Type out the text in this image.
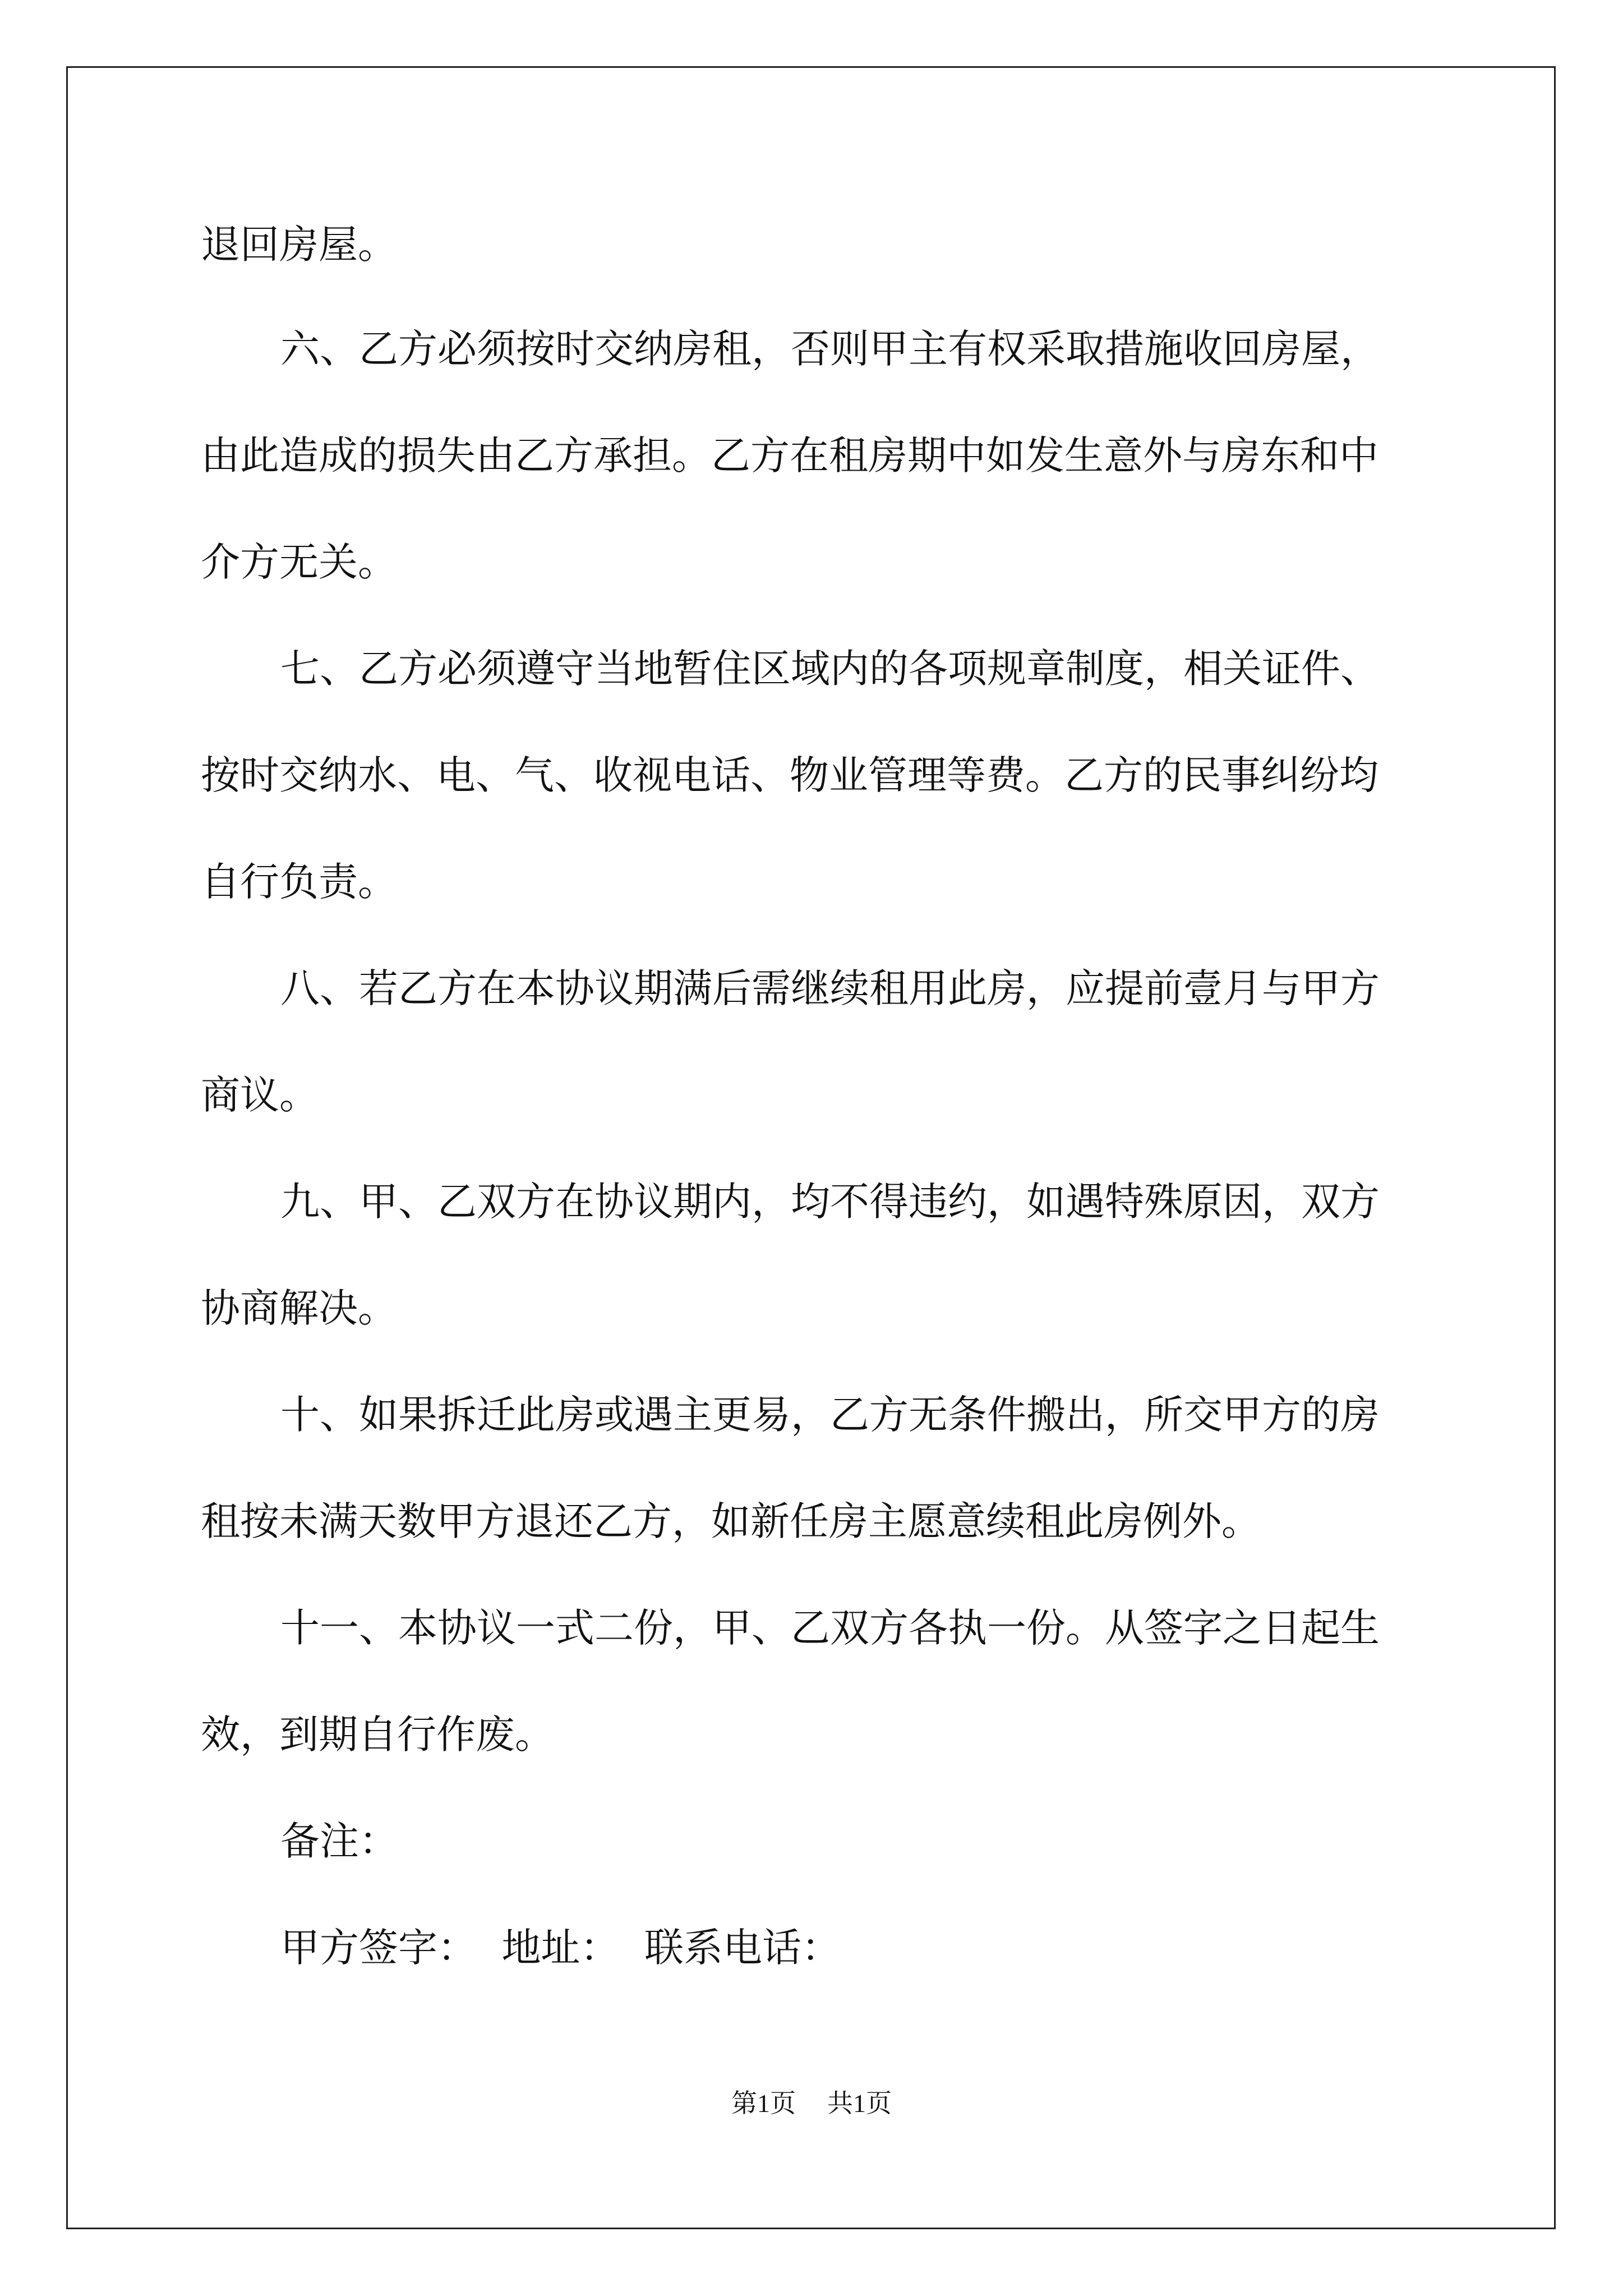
退回房屋。
六、乙方必须按时交纳房租，否则甲主有权采取措施收回房屋，
由此造成的损失由乙方承担。乙方在租房期中如发生意外与房东和中
介方无关。
七、乙方必须遵守当地暂住区域内的各项规章制度，相关证件、
按时交纳水、电、气、收视电话、物业管理等费。乙方的民事纠纷均
自行负责。
八、若乙方在本协议期满后需继续租用此房，应提前壹月与甲方
商议。
九、甲、乙双方在协议期内，均不得违约，如遇特殊原因，双方
协商解决。
十、如果拆迁此房或遇主更易，乙方无条件搬出，所交甲方的房
租按未满天数甲方退还乙方，如新任房主愿意续租此房例外。
十一、本协议一式二份，甲、乙双方各执一份。从签字之日起生
效，到期自行作废。
备注：
甲方签字：  地址：  联系电话：
第1页 共1页
